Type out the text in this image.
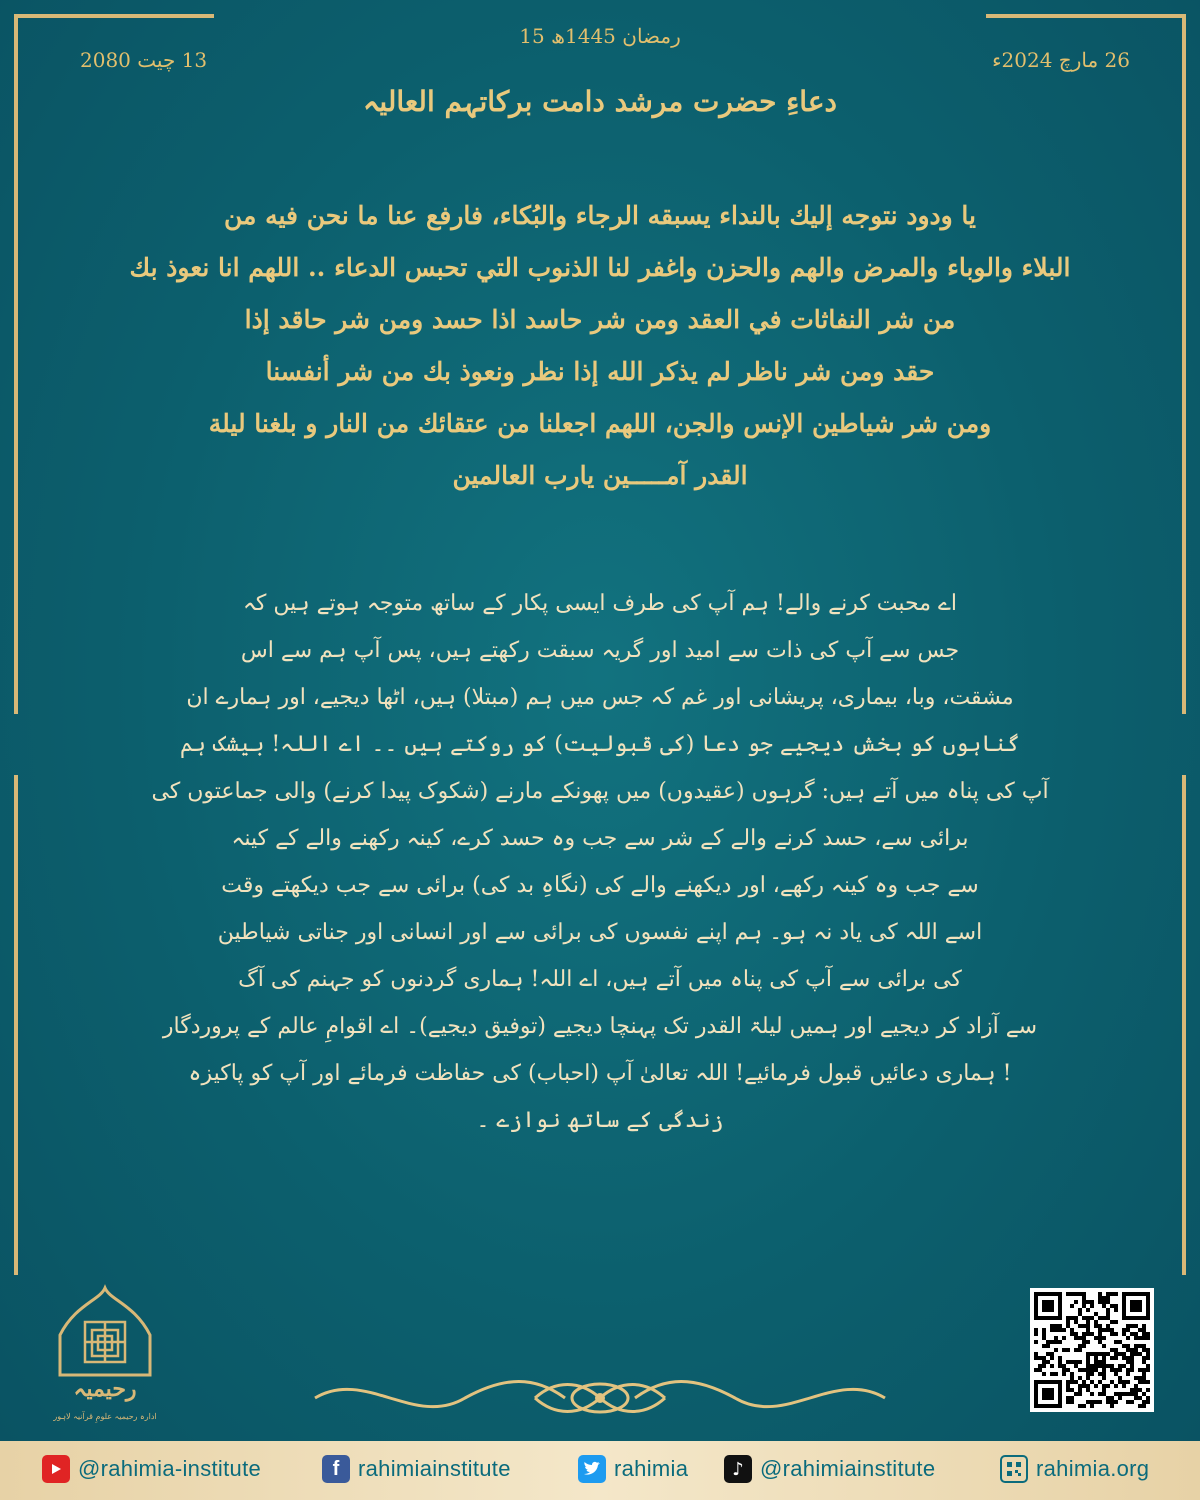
15 رمضان 1445ھ
26 مارچ 2024ء
13 چیت 2080
دعاءِ حضرت مرشد دامت برکاتہم العالیہ

يا ودود نتوجه إليك بالنداء يسبقه الرجاء والبُكاء، فارفع عنا ما نحن فيه من

البلاء والوباء والمرض والهم والحزن واغفر لنا الذنوب التي تحبس الدعاء .. اللهم انا نعوذ بك

من شر النفاثات في العقد ومن شر حاسد اذا حسد ومن شر حاقد إذا

حقد ومن شر ناظر لم يذكر الله إذا نظر ونعوذ بك من شر أنفسنا

ومن شر شياطين الإنس والجن، اللهم اجعلنا من عتقائك من النار و بلغنا ليلة

القدر آمـــــين يارب العالمين

اے محبت کرنے والے! ہم آپ کی طرف ایسی پکار کے ساتھ متوجہ ہوتے ہیں کہ

جس سے آپ کی ذات سے امید اور گریہ سبقت رکھتے ہیں، پس آپ ہم سے اس

مشقت، وبا، بیماری، پریشانی اور غم کہ جس میں ہم (مبتلا) ہیں، اٹھا دیجیے، اور ہمارے ان

گناہوں کو بخش دیجیے جو دعا (کی قبولیت) کو روکتے ہیں ۔۔ اے اللہ! بیشک ہم

آپ کی پناہ میں آتے ہیں: گرہوں (عقیدوں) میں پھونکے مارنے (شکوک پیدا کرنے) والی جماعتوں کی

برائی سے، حسد کرنے والے کے شر سے جب وہ حسد کرے، کینہ رکھنے والے کے کینہ

سے جب وہ کینہ رکھے، اور دیکھنے والے کی (نگاہِ بد کی) برائی سے جب دیکھتے وقت

اسے اللہ کی یاد نہ ہو۔ ہم اپنے نفسوں کی برائی سے اور انسانی اور جناتی شیاطین

کی برائی سے آپ کی پناہ میں آتے ہیں، اے اللہ! ہماری گردنوں کو جہنم کی آگ

سے آزاد کر دیجیے اور ہمیں لیلۃ القدر تک پہنچا دیجیے (توفیق دیجیے)۔ اے اقوامِ عالم کے پروردگار

! ہماری دعائیں قبول فرمائیے! اللہ تعالیٰ آپ (احباب) کی حفاظت فرمائے اور آپ کو پاکیزہ

زندگی کے ساتھ نوازے ۔

رحیمیہ
ادارہ رحیمیہ علومِ قرآنیہ لاہور
@rahimia-institute	f rahimiainstitute	rahimia	♪ @rahimiainstitute	rahimia.org
